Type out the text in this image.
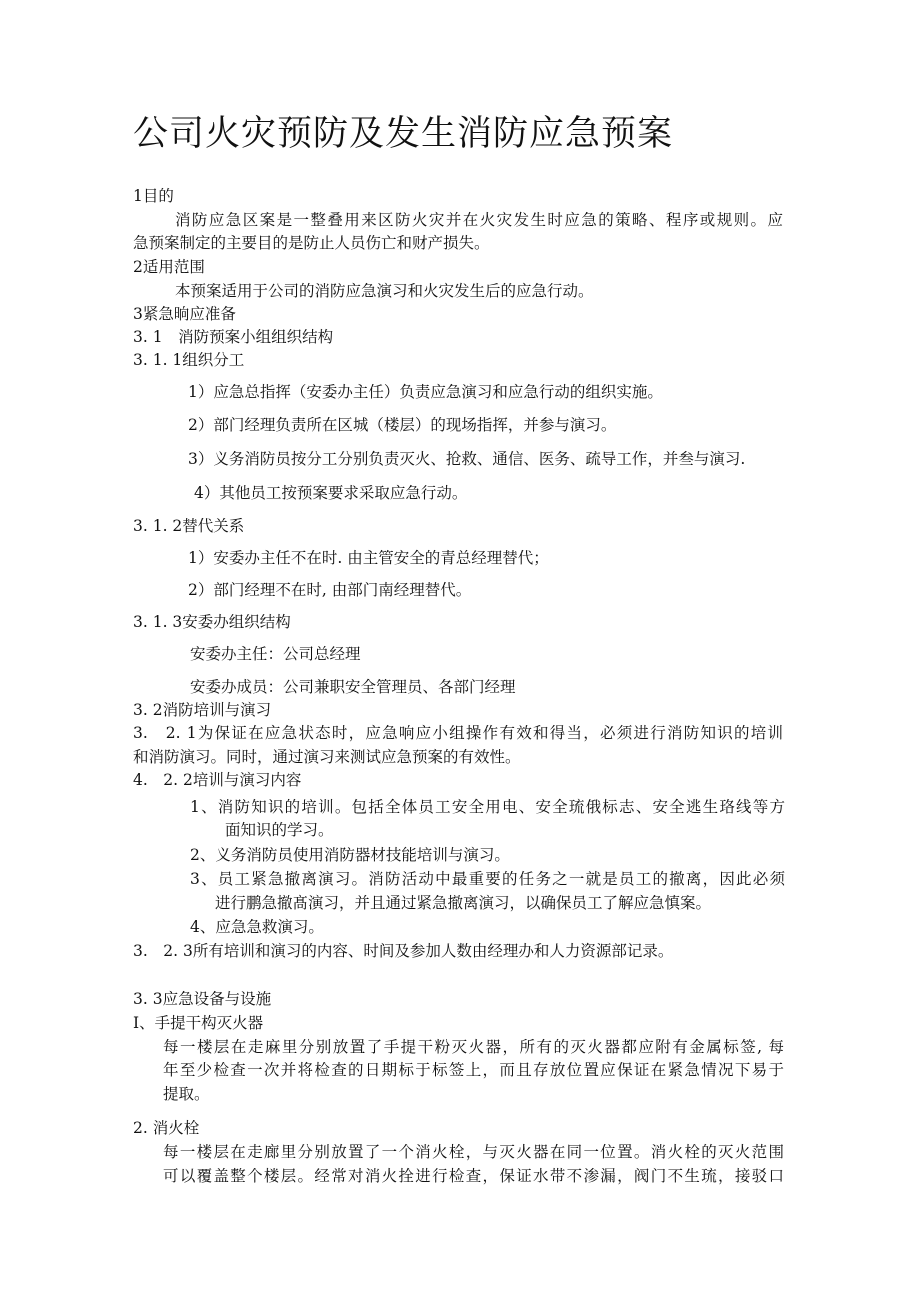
公司火灾预防及发生消防应急预案
1目的
消防应急区案是一整叠用来区防火灾并在火灾发生时应急的策略、程序或规则。应
急预案制定的主要目的是防止人员伤亡和财产损失。
2适用范围
本预案适用于公司的消防应急演习和火灾发生后的应急行动。
3紧急晌应准备
3. 1　消防预案小组组织结构
3. 1. 1组织分工
1）应急总指挥（安委办主任）负责应急演习和应急行动的组织实施。
2）部门经理负责所在区城（楼层）的现场指挥，并参与演习。
3）义务消防员按分工分别负责灭火、抢救、通信、医务、疏导工作，并叁与演习.
4）其他员工按预案要求采取应急行动。
3. 1. 2替代关系
1）安委办主任不在时. 由主管安全的青总经理替代；
2）部门经理不在时, 由部门南经理替代。
3. 1. 3安委办组织结构
安委办主任：公司总经理
安委办成员：公司兼职安全管理员、各部门经理
3. 2消防培训与演习
3.　2. 1为保证在应急状态时，应急响应小组操作有效和得当，必须进行消防知识的培训
和消防演习。同时，通过演习来测试应急预案的有效性。
4.　2. 2培训与演习内容
1、消防知识的培训。包括全体员工安全用电、安全琉俄标志、安全逃生珞线等方
面知识的学习。
2、义务消防员使用消防器材技能培训与演习。
3、员工紧急撤离演习。消防活动中最重要的任务之一就是员工的撤离，因此必须
进行鹏急撤髙演习，并且通过紧急撤离演习，以确保员工了解应急慎案。
4、应急急救演习。
3.　2. 3所有培训和演习的内容、时间及参加人数由经理办和人力资源部记录。
3. 3应急设备与设施
I、手提干构灭火器
每一楼层在走麻里分别放置了手提干粉灭火器，所有的灭火器都应附有金属标签, 每
年至少检查一次并将检查的日期标于标签上，而且存放位置应保证在紧急情况下易于
提取。
2. 消火栓
每一楼层在走廊里分别放置了一个消火栓，与灭火器在同一位置。消火栓的灭火范围
可以覆盖整个楼层。经常对消火拴进行检查，保证水带不渗漏，阀门不生琉，接驳口
